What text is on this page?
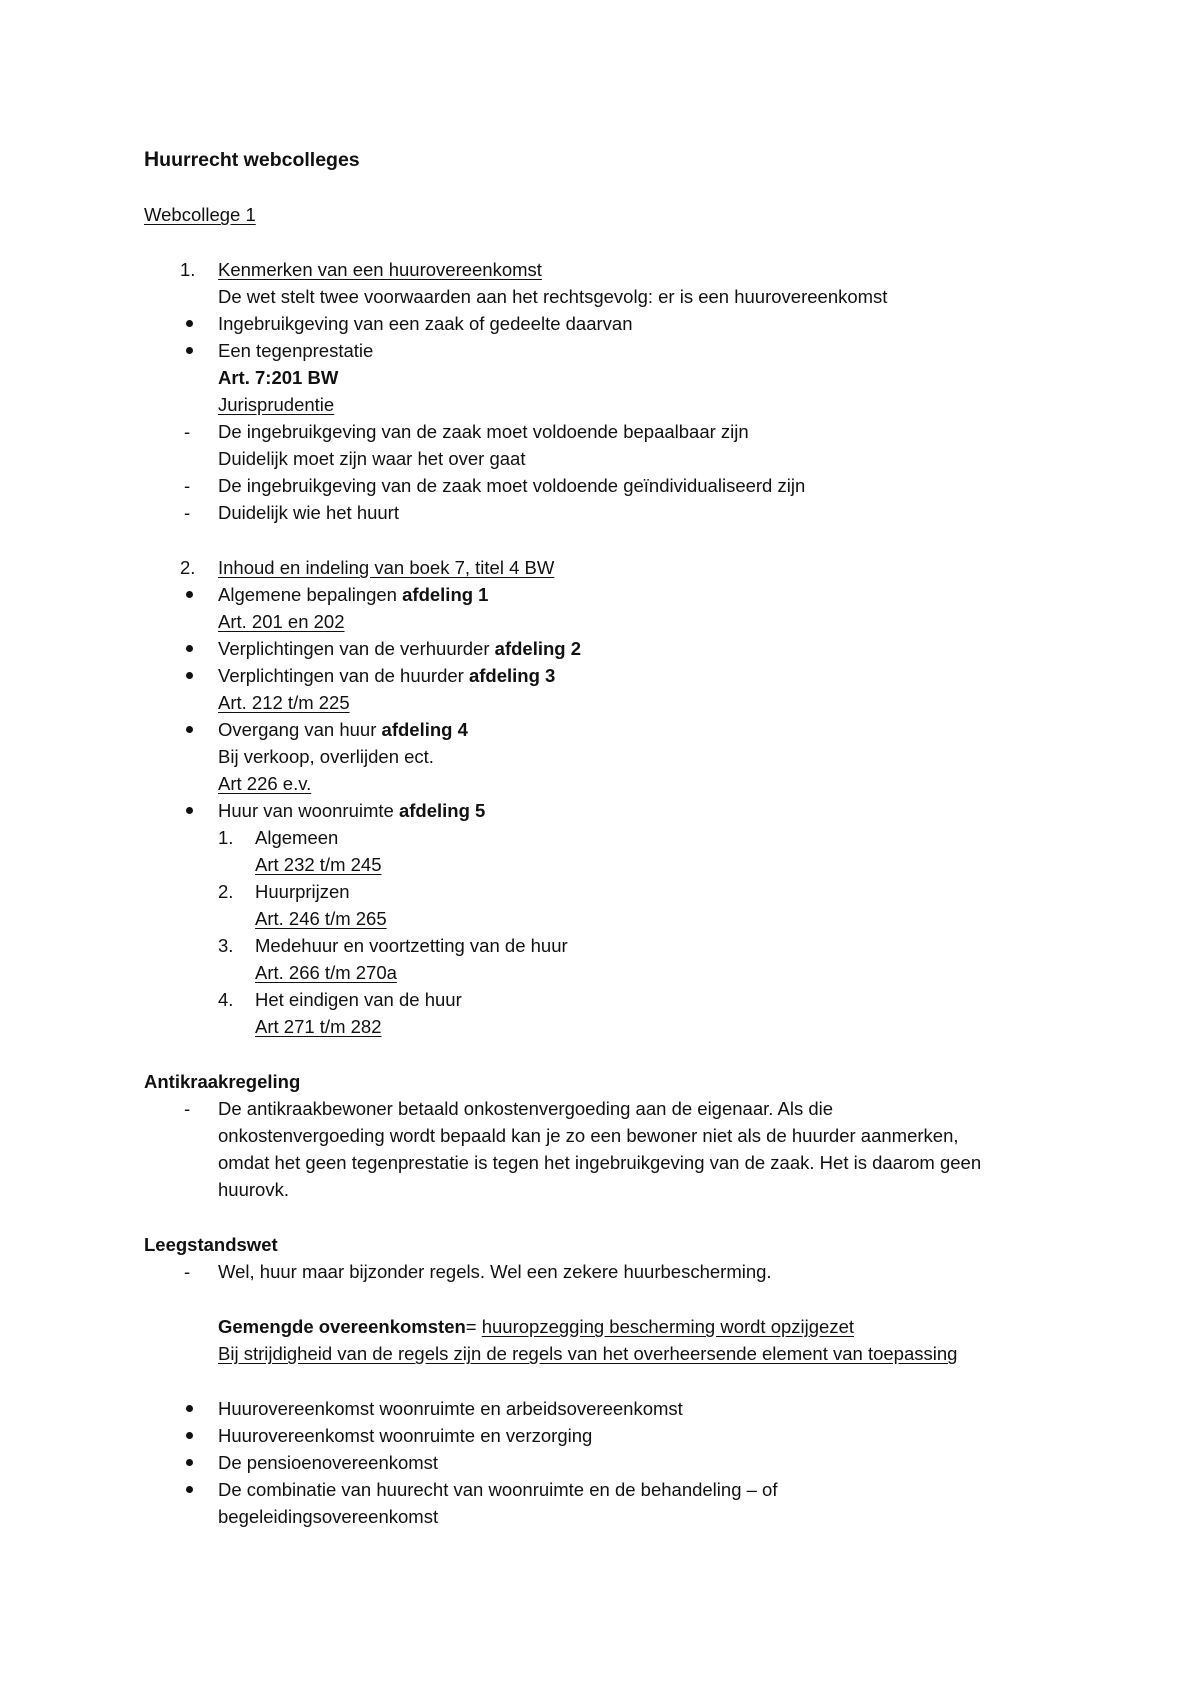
Huurrecht webcolleges
Webcollege 1
1. Kenmerken van een huurovereenkomst
De wet stelt twee voorwaarden aan het rechtsgevolg: er is een huurovereenkomst
Ingebruikgeving van een zaak of gedeelte daarvan
Een tegenprestatie
Art. 7:201 BW
Jurisprudentie
- De ingebruikgeving van de zaak moet voldoende bepaalbaar zijn
Duidelijk moet zijn waar het over gaat
- De ingebruikgeving van de zaak moet voldoende geïndividualiseerd zijn
- Duidelijk wie het huurt
2. Inhoud en indeling van boek 7, titel 4 BW
Algemene bepalingen afdeling 1
Art. 201 en 202
Verplichtingen van de verhuurder afdeling 2
Verplichtingen van de huurder afdeling 3
Art. 212 t/m 225
Overgang van huur afdeling 4
Bij verkoop, overlijden ect.
Art 226 e.v.
Huur van woonruimte afdeling 5
1. Algemeen
Art 232 t/m 245
2. Huurprijzen
Art. 246 t/m 265
3. Medehuur en voortzetting van de huur
Art. 266 t/m 270a
4. Het eindigen van de huur
Art 271 t/m 282
Antikraakregeling
- De antikraakbewoner betaald onkostenvergoeding aan de eigenaar. Als die
onkostenvergoeding wordt bepaald kan je zo een bewoner niet als de huurder aanmerken,
omdat het geen tegenprestatie is tegen het ingebruikgeving van de zaak. Het is daarom geen
huurovk.
Leegstandswet
- Wel, huur maar bijzonder regels. Wel een zekere huurbescherming.
Gemengde overeenkomsten= huuropzegging bescherming wordt opzijgezet
Bij strijdigheid van de regels zijn de regels van het overheersende element van toepassing
Huurovereenkomst woonruimte en arbeidsovereenkomst
Huurovereenkomst woonruimte en verzorging
De pensioenovereenkomst
De combinatie van huurecht van woonruimte en de behandeling – of
begeleidingsovereenkomst
